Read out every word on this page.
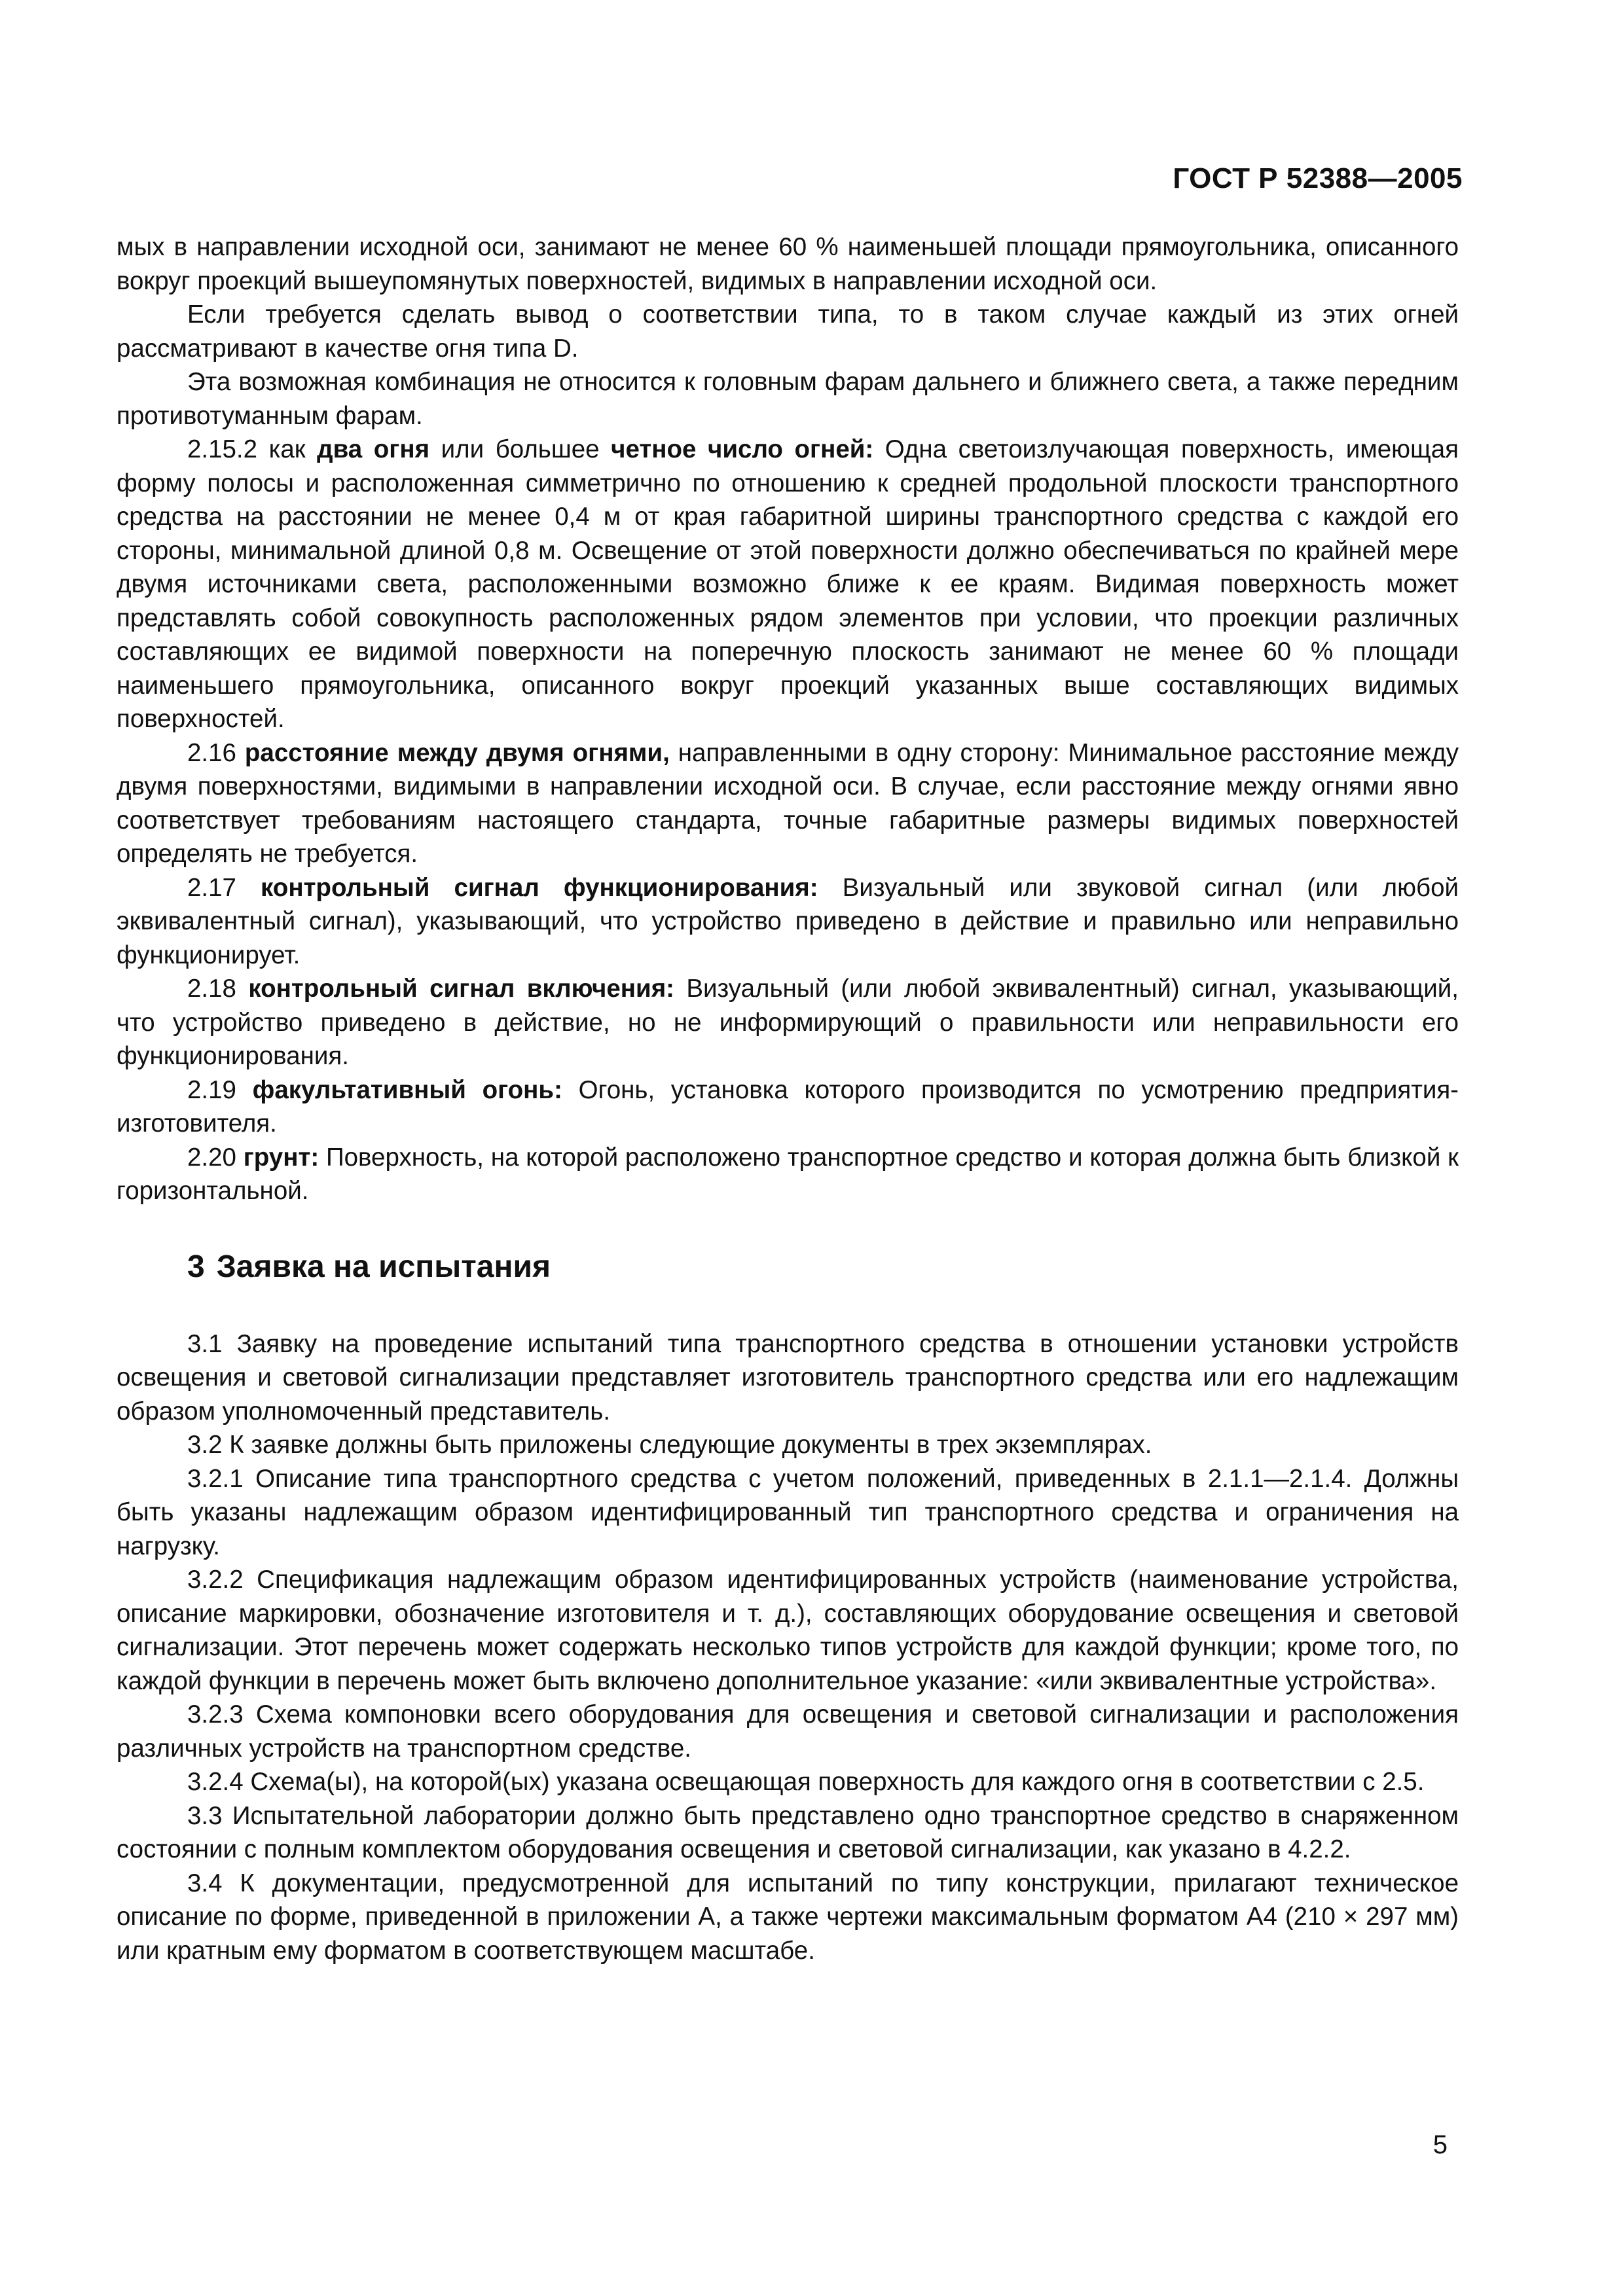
ГОСТ Р 52388—2005

мых в направлении исходной оси, занимают не менее 60 % наименьшей площади прямоугольника, описанного вокруг проекций вышеупомянутых поверхностей, видимых в направлении исходной оси.

Если требуется сделать вывод о соответствии типа, то в таком случае каждый из этих огней рассматривают в качестве огня типа D.

Эта возможная комбинация не относится к головным фарам дальнего и ближнего света, а также передним противотуманным фарам.

2.15.2 как два огня или большее четное число огней: Одна светоизлучающая поверхность, имеющая форму полосы и расположенная симметрично по отношению к средней продольной плоскости транспортного средства на расстоянии не менее 0,4 м от края габаритной ширины транспортного средства с каждой его стороны, минимальной длиной 0,8 м. Освещение от этой поверхности должно обеспечиваться по крайней мере двумя источниками света, расположенными возможно ближе к ее краям. Видимая поверхность может представлять собой совокупность расположенных рядом элементов при условии, что проекции различных составляющих ее видимой поверхности на поперечную плоскость занимают не менее 60 % площади наименьшего прямоугольника, описанного вокруг проекций указанных выше составляющих видимых поверхностей.

2.16 расстояние между двумя огнями, направленными в одну сторону: Минимальное расстояние между двумя поверхностями, видимыми в направлении исходной оси. В случае, если расстояние между огнями явно соответствует требованиям настоящего стандарта, точные габаритные размеры видимых поверхностей определять не требуется.

2.17 контрольный сигнал функционирования: Визуальный или звуковой сигнал (или любой эквивалентный сигнал), указывающий, что устройство приведено в действие и правильно или неправильно функционирует.

2.18 контрольный сигнал включения: Визуальный (или любой эквивалентный) сигнал, указывающий, что устройство приведено в действие, но не информирующий о правильности или неправильности его функционирования.

2.19 факультативный огонь: Огонь, установка которого производится по усмотрению предприятия-изготовителя.

2.20 грунт: Поверхность, на которой расположено транспортное средство и которая должна быть близкой к горизонтальной.

3 Заявка на испытания

3.1 Заявку на проведение испытаний типа транспортного средства в отношении установки устройств освещения и световой сигнализации представляет изготовитель транспортного средства или его надлежащим образом уполномоченный представитель.

3.2 К заявке должны быть приложены следующие документы в трех экземплярах.

3.2.1 Описание типа транспортного средства с учетом положений, приведенных в 2.1.1—2.1.4. Должны быть указаны надлежащим образом идентифицированный тип транспортного средства и ограничения на нагрузку.

3.2.2 Спецификация надлежащим образом идентифицированных устройств (наименование устройства, описание маркировки, обозначение изготовителя и т. д.), составляющих оборудование освещения и световой сигнализации. Этот перечень может содержать несколько типов устройств для каждой функции; кроме того, по каждой функции в перечень может быть включено дополнительное указание: «или эквивалентные устройства».

3.2.3 Схема компоновки всего оборудования для освещения и световой сигнализации и расположения различных устройств на транспортном средстве.

3.2.4 Схема(ы), на которой(ых) указана освещающая поверхность для каждого огня в соответствии с 2.5.

3.3 Испытательной лаборатории должно быть представлено одно транспортное средство в снаряженном состоянии с полным комплектом оборудования освещения и световой сигнализации, как указано в 4.2.2.

3.4 К документации, предусмотренной для испытаний по типу конструкции, прилагают техническое описание по форме, приведенной в приложении А, а также чертежи максимальным форматом А4 (210 × 297 мм) или кратным ему форматом в соответствующем масштабе.

5
